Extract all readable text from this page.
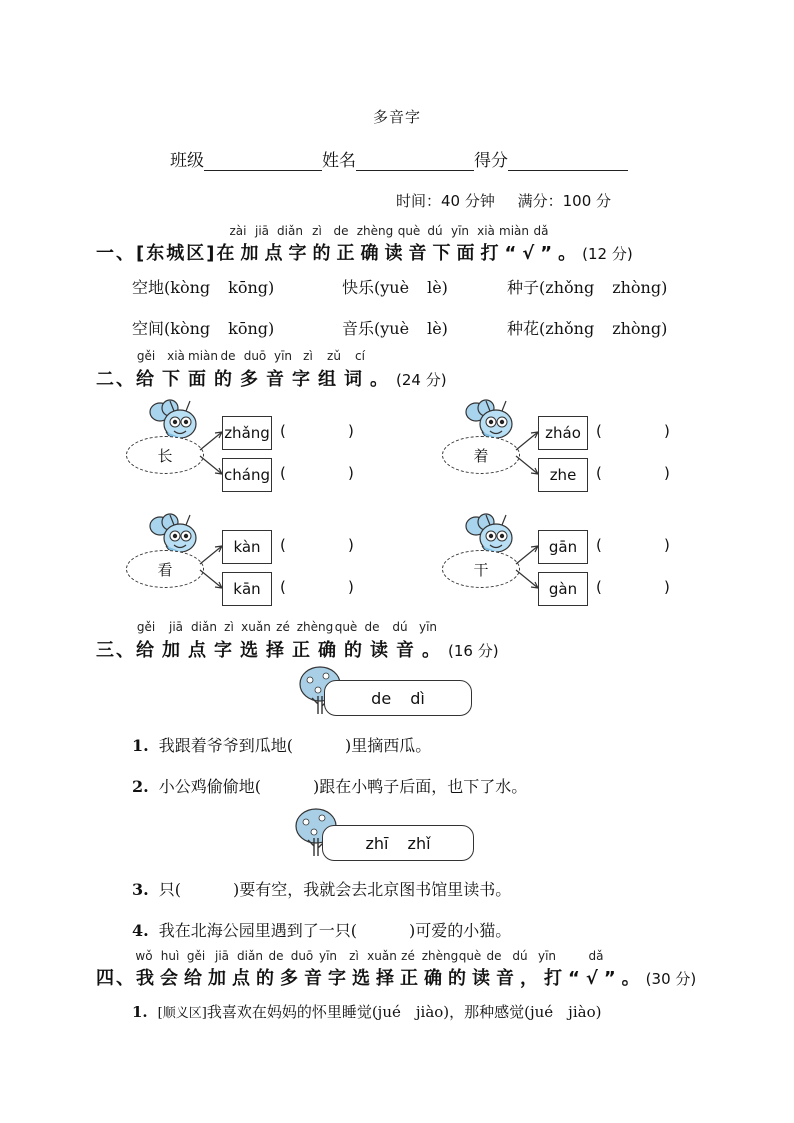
多音字
班级	姓名	得分
时间：40 分钟 满分：100 分
zài jiā diǎn zì de zhèng què dú yīn xià miàn dǎ
一、[东城区]在加点字的正确读音下面打“√”。(12 分)
空地(kòng kōng)	快乐(yuè lè)	种子(zhǒng zhòng)
空间(kòng kōng)	音乐(yuè lè)	种花(zhǒng zhòng)
gěi xià miàn de duō yīn zì zǔ cí
二、给下面的多音字组词。(24 分)
长
zhǎng
cháng
(	)
(	)
着
zháo
zhe
(	)
(	)
看
kàn
kān
(	)
(	)
干
gān
gàn
(	)
(	)
gěi jiā diǎn zì xuǎn zé zhèng què de dú yīn
三、给加点字选择正确的读音。(16 分)
de dì
1. 我跟着爷爷到瓜地(	)里摘西瓜。
2. 小公鸡偷偷地(	)跟在小鸭子后面，也下了水。
zhī zhǐ
3. 只(	)要有空，我就会去北京图书馆里读书。
4. 我在北海公园里遇到了一只(	)可爱的小猫。
wǒ huì gěi jiā diǎn de duō yīn zì xuǎn zé zhèng què de dú yīn	dǎ
四、我会给加点的多音字选择正确的读音，打“√”。(30 分)
1. [顺义区]我喜欢在妈妈的怀里睡觉(jué　jiào)，那种感觉(jué　jiào)
